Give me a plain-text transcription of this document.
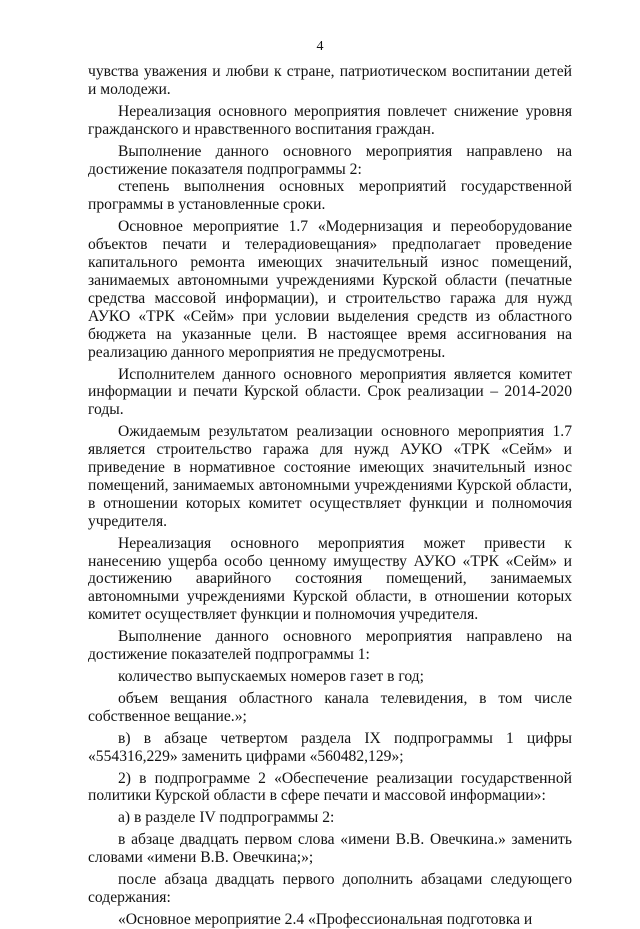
4

чувства уважения и любви к стране, патриотическом воспитании детей и молодежи.

Нереализация основного мероприятия повлечет снижение уровня гражданского и нравственного воспитания граждан.

Выполнение данного основного мероприятия направлено на достижение показателя подпрограммы 2:

степень выполнения основных мероприятий государственной программы в установленные сроки.

Основное мероприятие 1.7 «Модернизация и переоборудование объектов печати и телерадиовещания» предполагает проведение капитального ремонта имеющих значительный износ помещений, занимаемых автономными учреждениями Курской области (печатные средства массовой информации), и строительство гаража для нужд АУКО «ТРК «Сейм» при условии выделения средств из областного бюджета на указанные цели. В настоящее время ассигнования на реализацию данного мероприятия не предусмотрены.

Исполнителем данного основного мероприятия является комитет информации и печати Курской области. Срок реализации – 2014-2020 годы.

Ожидаемым результатом реализации основного мероприятия 1.7 является строительство гаража для нужд АУКО «ТРК «Сейм» и приведение в нормативное состояние имеющих значительный износ помещений, занимаемых автономными учреждениями Курской области, в отношении которых комитет осуществляет функции и полномочия учредителя.

Нереализация основного мероприятия может привести к нанесению ущерба особо ценному имуществу АУКО «ТРК «Сейм» и достижению аварийного состояния помещений, занимаемых автономными учреждениями Курской области, в отношении которых комитет осуществляет функции и полномочия учредителя.

Выполнение данного основного мероприятия направлено на достижение показателей подпрограммы 1:

количество выпускаемых номеров газет в год;

объем вещания областного канала телевидения, в том числе собственное вещание.»;

в) в абзаце четвертом раздела IX подпрограммы 1 цифры «554316,229» заменить цифрами «560482,129»;

2) в подпрограмме 2 «Обеспечение реализации государственной политики Курской области в сфере печати и массовой информации»:

а) в разделе IV подпрограммы 2:

в абзаце двадцать первом слова «имени В.В. Овечкина.» заменить словами «имени В.В. Овечкина;»;

после абзаца двадцать первого дополнить абзацами следующего содержания:

«Основное мероприятие 2.4 «Профессиональная подготовка и
